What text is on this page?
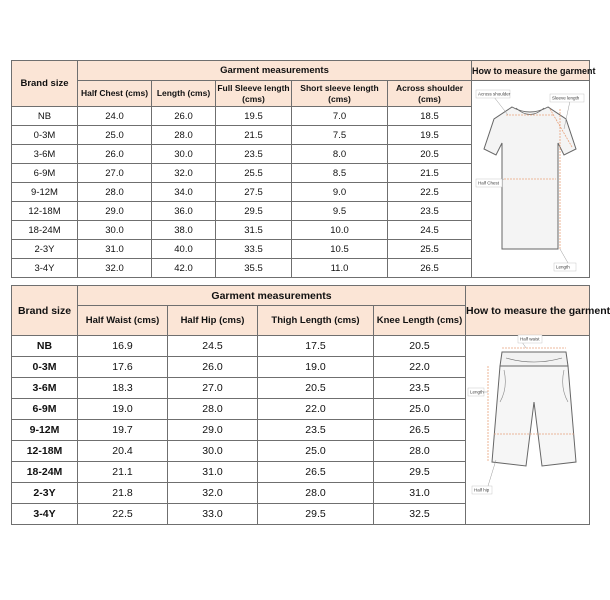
Brand size	Garment measurements					How to measure the garment
	Half Chest (cms)	Length (cms)	Full Sleeve length (cms)	Short sleeve length (cms)	Across shoulder (cms)	Across shoulder
Sleeve length
Half Chest
Length

NB	24.0	26.0	19.5	7.0	18.5	
0-3M	25.0	28.0	21.5	7.5	19.5	
3-6M	26.0	30.0	23.5	8.0	20.5	
6-9M	27.0	32.0	25.5	8.5	21.5	
9-12M	28.0	34.0	27.5	9.0	22.5	
12-18M	29.0	36.0	29.5	9.5	23.5	
18-24M	30.0	38.0	31.5	10.0	24.5	
2-3Y	31.0	40.0	33.5	10.5	25.5	
3-4Y	32.0	42.0	35.5	11.0	26.5	
Brand size	Garment measurements				How to measure the garment
	Half Waist (cms)	Half Hip (cms)	Thigh Length (cms)	Knee Length (cms)	
NB	16.9	24.5	17.5	20.5	Half waist
Length
Half hip

0-3M	17.6	26.0	19.0	22.0	
3-6M	18.3	27.0	20.5	23.5	
6-9M	19.0	28.0	22.0	25.0	
9-12M	19.7	29.0	23.5	26.5	
12-18M	20.4	30.0	25.0	28.0	
18-24M	21.1	31.0	26.5	29.5	
2-3Y	21.8	32.0	28.0	31.0	
3-4Y	22.5	33.0	29.5	32.5	
